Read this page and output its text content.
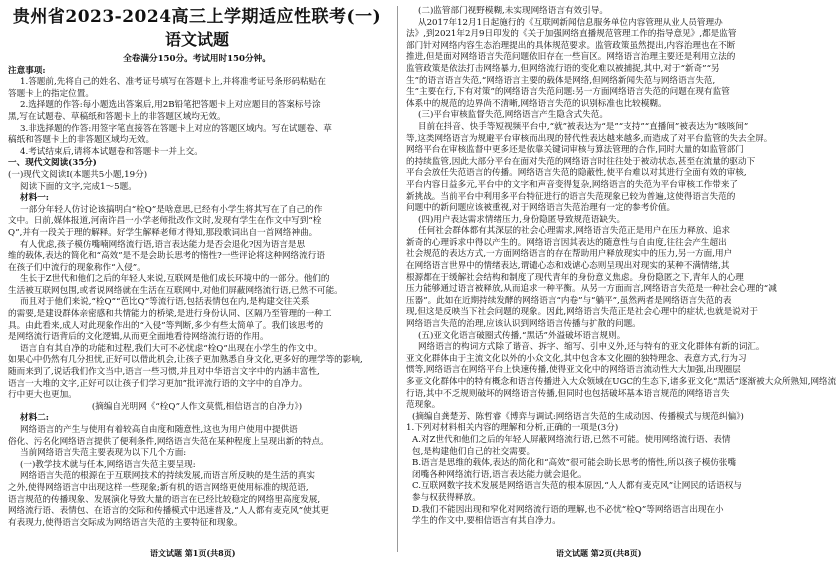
贵州省2023-2024高三上学期适应性联考(一)
语文试题
全卷满分150分。考试用时150分钟。
注意事项:
1.答题前,先将自己的姓名、准考证号填写在答题卡上,并将准考证号条形码粘贴在
答题卡上的指定位置。
2.选择题的作答:每小题选出答案后,用2B铅笔把答题卡上对应题目的答案标号涂
黑,写在试题卷、草稿纸和答题卡上的非答题区域均无效。
3.非选择题的作答:用签字笔直接答在答题卡上对应的答题区域内。写在试题卷、草
稿纸和答题卡上的非答题区域均无效。
4.考试结束后,请将本试题卷和答题卡一并上交。
一、现代文阅读(35分)
(一)现代文阅读Ⅰ(本题共5小题,19分)
阅读下面的文字,完成1～5题。
材料一:
一部分年轻人仿讨论该搞明白“栓Q”是啥意思,已经有小学生将其写在了自己的作
文中。日前,媒体报道,河南许昌一小学老师批改作文时,发现有学生在作文中写到“栓
Q”,并有一段关于理的解释。好学生解释老师才得知,那段歌词出自一首网络神曲。
有人优虑,孩子模仿嘴喃网络流行语,语言表达能力是否会退化?因为语言是思
维的载体,表达的简化和“高效”是不是会助长思考的惰性?一些评论将这种网络流行语
在孩子们中流行的现象称作“入侵”。
生长于Z世代和他们之后的年轻人来说,互联网是他们成长环境中的一部分。他们的
生活被互联网包围,或者说网络就在生活在互联网中,对他们屏蔽网络流行语,已然不可能。
而且对于他们来说,“栓Q”“芭比Q”等流行语,包括表情包在内,是构建交往关系
的需要,是建设群体亲密感和共情能力的桥梁,是进行身份认同、区隔乃至管理的一种工
具。由此看来,成人对此现象作出的“入侵”等判断,多少有些太简单了。我们该思考的
是网络流行语背后的文化逻辑,从而更全面地看待网络流行语的作用。
语言自有其自净的功能和过程,我们大可不必忧虑“栓Q”出现在小学生的作文中。
如果心中仍然有几分担忧,正好可以借此机会,让孩子更加熟悉自身文化,更多好的理学等的影响,
随而来到了,说话我们作文当中,语言一些习惯,并且对中华语言文字中的内涵丰富性,
语言一大堆的文字,正好可以让孩子们学习更加”批评流行语的文字中的自净力。
行中更大也更加。
(摘编自光明网《“栓Q”人作文莫慌,相信语言的自净力》)
材料二:
网络语言的产生与使用有着较高自由度和随意性,这也为用户使用中提供语
俗化、污名化网络语言提供了便利条件,网络语言失范在某种程度上呈现出新的特点。
当前网络语言失范主要表现为以下几个方面:
(一)教学技术就与任本,网络语言失范主要呈现:
网络语言失范的根源在于互联网技术的持续发展,而语言所反映的是生活的真实
之外,使得网络语言中出现这样一些现象;新有机的语言网络更使用标准的规范语,
语言规范的传播现象、发展演化导致大量的语言在已经比较稳定的网络里高度发展,
网络流行语、表情包、在语言的交际和传播模式中迅速普及,“人人都有麦克风”使其更
有表现力,使得语言交际成为网络语言失范的主要特征和现象。
(二)监管部门视野模糊,未实现网络语言有效引导。
从2017年12月1日起施行的《互联网新闻信息服务单位内容管理从业人员管理办
法》,到2021年2月9日印发的《关于加强网络直播规范管理工作的指导意见》,都是监管
部门针对网络内容生态治理提出的具体规范要求。监管政策虽然提出,内容治理也在不断
推进,但是面对网络语言失范问题依旧存在一些盲区。网络语言治理主要还是利用立法的
监管政策是依法打击网络暴力,但网络流行语的变化难以被捕捉,其中,对于“新奇”“另
生”的语言语言失范,“网络语言主要的载体是网络,但网络新闻失范与网络语言失范,
生”主要在行,下有对策”的网络语言失范问题:另一方面网络语言失范的问题在现有监管
体系中的规范的边界尚不清晰,网络语言失范的识别标准也比较模糊。
(三)平台审核监督失范,网络语言产生隐含式失范。
目前在抖音、快手等短视频平台中,“就”被表达为“是”“支持”“直播间”被表达为“咳咳间”
等,这类网络语言为规避平台审核而出现的替代性表达越来越多,而造成了对平台监管的失去全屏。
网络平台在审核监督中更多还是依靠关键词审核与算法管理的合作,同时大量的如监管部门
的持续监管,因此大部分平台在面对失范的网络语言时往往处于被动状态,甚至在流量的驱动下
平台会放任失范语言的传播。网络语言失范的隐蔽性,使平台难以对其进行全面有效的审核,
平台内容日益多元,平台中的文字和声音变得复杂,网络语言的失范为平台审核工作带来了
新挑战。当前平台中利用多平台特征进行的语言失范现象已较为普遍,这使得语言失范的
问题中的新问题应该被重视,对于网络语言失范治理有一定的参考价值。
(四)用户表达需求情绪压力,身份隐匿导致规范语缺失。
任何社会群体都有其深层的社会心理需求,网络语言失范正是用户在压力释放、追求
新奇的心理诉求中得以产生的。网络语言因其表达的随意性与自由度,往往会产生超出
社会规范的表达方式,一方面网络语言的存在帮助用户释放现实中的压力,另一方面,用户
在网络语言世界中的情绪表达,谓谴心态和戏谑心态则呈现出对现实的某种不满情绪,其
根源都在于缓解社会结构和制度了现代青年的身份意义焦虑。身份隐匿之下,青年人的心理
压力能够通过语言被释放,从而追求一种平衡。从另一方面而言,网络语言失范是一种社会心理的“减
压器”。此如在近期持续发酵的网络语言“内卷”与“躺平”,虽然两者是网络语言失范的表
现,但这是反映当下社会问题的现象。因此,网络语言失范正是社会心理中的症状,也就是说对于
网络语言失范的治理,应该认识到网络语言传播与扩散的问题。
(五)亚文化语言破圈式传播,“黑话”外溢破坏语言规则。
网络语言的构词方式除了谐音、拆字、缩写、引申义外,还与特有的亚文化群体有新的词汇。
亚文化群体由于主流文化以外的小众文化,其中包含本文化圈的独特理念、表意方式,行为习
惯等,网络语言在网络平台上快速传播,使得亚文化中的网络语言流动性大大加强,出现圈层
多亚文化群体中的特有概念和语言传播进入大众领域在UGC的生态下,诸多亚文化“黑话”逐渐被大众所熟知,网络流
行语,其中不乏规则破坏的网络语言传播,但同时也包括破坏基本语言规范的网络语言失
范现象。
(摘编自龚楚芳、陈哲睿《博弈与调试:网络语言失范的生成动因、传播模式与规范纠偏》)
1.下列对材料相关内容的理解和分析,正确的一项是(3分)
A.对Z世代和他们之后的年轻人屏蔽网络流行语,已然不可能。使用网络流行语、表情
包,是构建他们自己的社交需要。
B.语言是思维的载体,表达的简化和“高效”很可能会助长思考的惰性,所以孩子模仿张嘴
闭嘴各种网络流行语,语言表达能力就会退化。
C.互联网数字技术发展是网络语言失范的根本原因,“人人都有麦克风”让网民的话语权与
参与权获得释放。
D.我们不能因出现和窄化对网络流行语的理解,也不必忧“栓Q”等网络语言出现在小
学生的作文中,要相信语言有其自净力。
语文试题 第1页(共8页)	语文试题 第2页(共8页)
